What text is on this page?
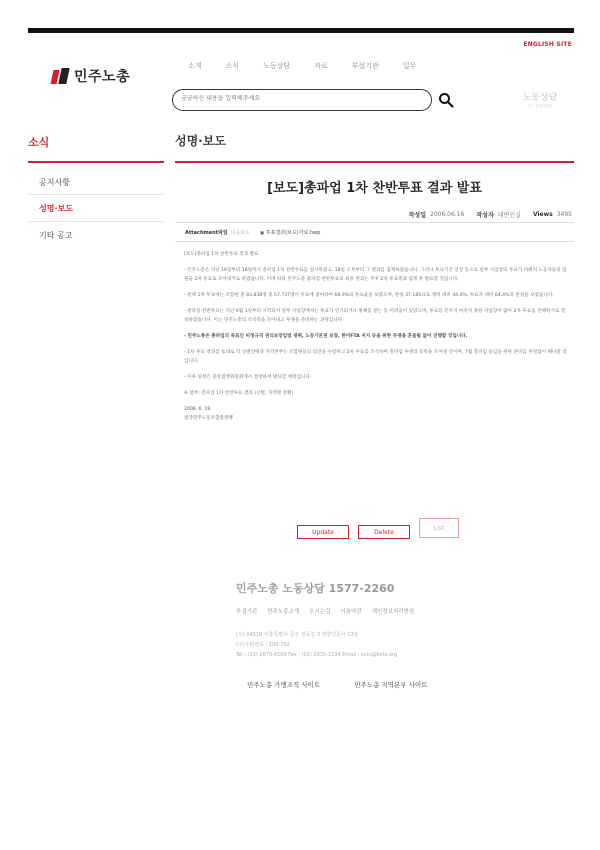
ENGLISH SITE
민주노총
소개	소식	노동상담	자료	부설기관	입무
궁금하신 내용을 입력해주세요
노동상담
전국 불편미용장
소식
공지사항
성명·보도
기타 공고
성명·보도
[보도]총파업 1차 찬반투표 결과 발표
작성일 2006.06.16 작성자 대변인실 Views 3495
Attachment파일 다운로드
■	투표결과(보도)자료.hwp

[보도]총파업 1차 찬반투표 결과 발표

- 민주노총은 지난 16일부터 18일까지 총파업 1차 찬반투표를 실시하였고, 18일 오후부터 그 결과를 집계하였습니다. 그러나 투표기간 연장 등으로 일부 사업장의 투표가 미뤄져 노동자들의 염원을 2차 투표로 모아내기로 하였습니다. 이에 따라 민주노총 총파업 찬반투표의 최종 결과는 추후 2차 투표결과 집계 후 발표할 것입니다.

- 전체 1차 투표에는 조합원 총 83,838명 중 57,737명이 투표에 참여하여 68.9%의 투표율을 보였으며, 찬성 37,185표로 재적 대비 44.4%, 투표자 대비 64.4%의 찬성을 보였습니다.

- 총파업 찬반투표는 지난 6월 1일부터 시작되어 일부 사업장에서는 투표가 연기되거나 방해를 받는 등 어려움이 있었으며, 투표를 끝까지 마치지 못한 사업장이 많아 2차 투표를 진행하기로 결정하였습니다. 이는 민주노총의 조직력을 모아내고 투쟁을 준비하는 과정입니다.

- 민주노총은 총파업의 목표인 비정규직 권리보장입법 쟁취, 노동기본권 보장, 한미FTA 저지 등을 위한 투쟁을 흔들림 없이 진행할 것입니다.

- 1차 투표 결과를 토대로 각 산별연맹과 지역본부는 조합원들의 의견을 수렴하고 2차 투표를 조직하여 총파업 투쟁의 동력을 모아낼 것이며, 7월 총파업 돌입을 위한 준비를 차질없이 해나갈 것입니다.

- 이후 일정은 중앙집행위원회에서 결정하여 발표할 예정입니다.

※ 첨부: 총파업 1차 찬반투표 결과 (산별, 지역별 현황)

2006. 6. 19.
전국민주노동조합총연맹
Update	Delete
List
민주노총 노동상담 1577-2260
부설기관 민주노총소개 오시는길 이용약관 개인정보처리방침
(우) 04518 서울특별시 중구 정동길 3 경향신문사 13층
(구)우편번호 : 100-702
Tel : (02) 2670-9100 Fax : (02) 2635-1134 Email : kctu@kctu.org
민주노총 가맹조직 사이트	민주노총 지역본부 사이트
